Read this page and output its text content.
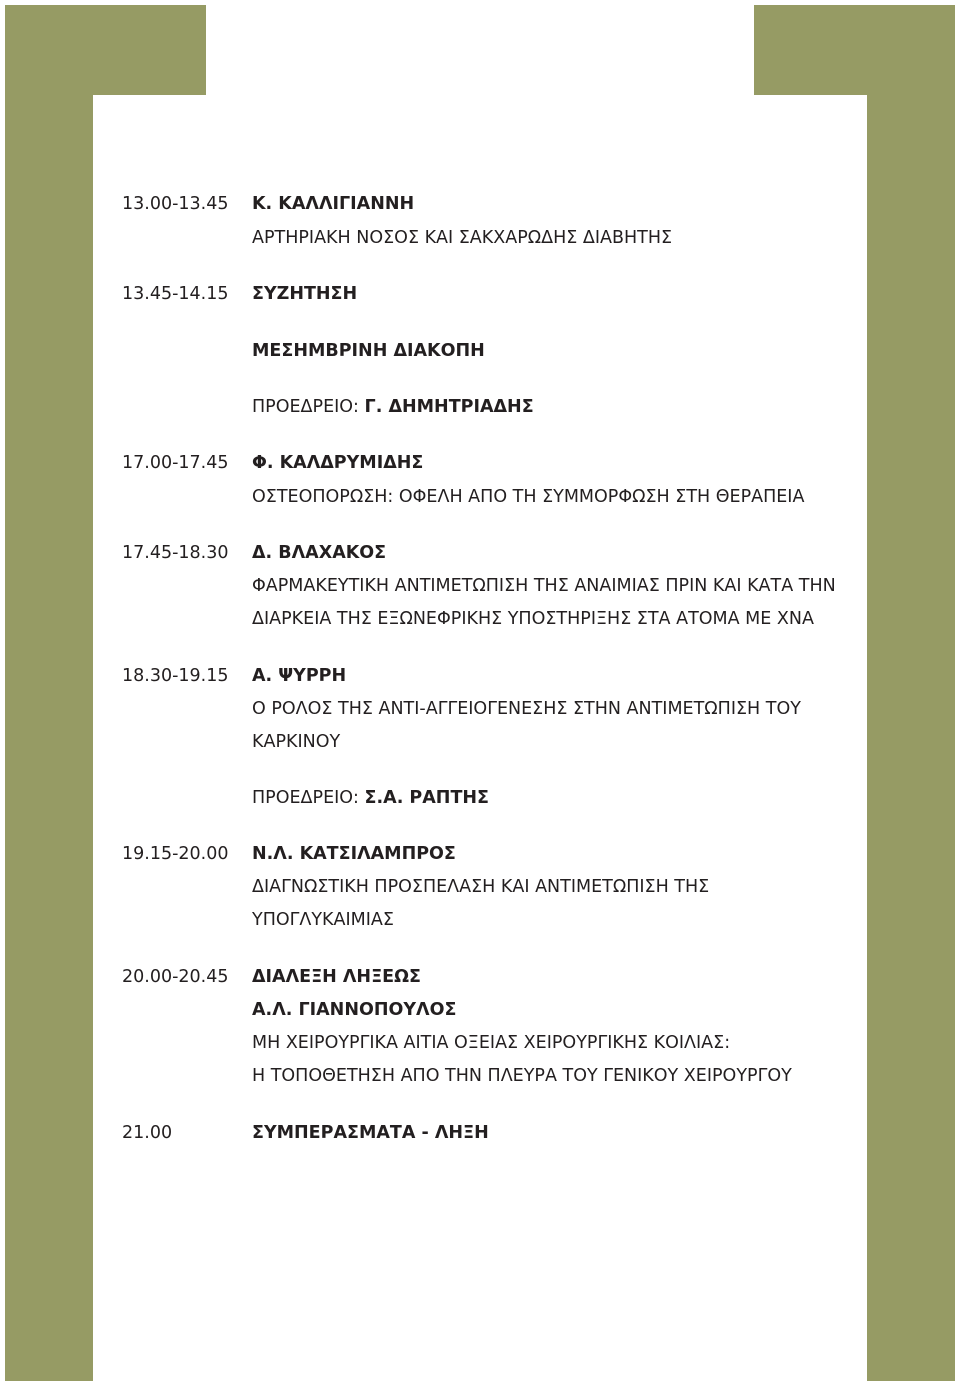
13.00-13.45 Κ. ΚΑΛΛΙΓΙΑΝΝΗ
ΑΡΤΗΡΙΑΚΗ ΝΟΣΟΣ ΚΑΙ ΣΑΚΧΑΡΩΔΗΣ ΔΙΑΒΗΤΗΣ
13.45-14.15 ΣΥΖΗΤΗΣΗ
ΜΕΣΗΜΒΡΙΝΗ ΔΙΑΚΟΠΗ
ΠΡΟΕΔΡΕΙΟ: Γ. ΔΗΜΗΤΡΙΑΔΗΣ
17.00-17.45 Φ. ΚΑΛΔΡΥΜΙΔΗΣ
ΟΣΤΕΟΠΟΡΩΣΗ: ΟΦΕΛΗ ΑΠΟ ΤΗ ΣΥΜΜΟΡΦΩΣΗ ΣΤΗ ΘΕΡΑΠΕΙΑ
17.45-18.30 Δ. ΒΛΑΧΑΚΟΣ
ΦΑΡΜΑΚΕΥΤΙΚΗ ΑΝΤΙΜΕΤΩΠΙΣΗ ΤΗΣ ΑΝΑΙΜΙΑΣ ΠΡΙΝ ΚΑΙ ΚΑΤΑ ΤΗΝ
ΔΙΑΡΚΕΙΑ ΤΗΣ ΕΞΩΝΕΦΡΙΚΗΣ ΥΠΟΣΤΗΡΙΞΗΣ ΣΤΑ ΑΤΟΜΑ ΜΕ ΧΝΑ
18.30-19.15 Α. ΨΥΡΡΗ
Ο ΡΟΛΟΣ ΤΗΣ ΑΝΤΙ-ΑΓΓΕΙΟΓΕΝΕΣΗΣ ΣΤΗΝ ΑΝΤΙΜΕΤΩΠΙΣΗ ΤΟΥ
ΚΑΡΚΙΝΟΥ
ΠΡΟΕΔΡΕΙΟ: Σ.Α. ΡΑΠΤΗΣ
19.15-20.00 Ν.Λ. ΚΑΤΣΙΛΑΜΠΡΟΣ
ΔΙΑΓΝΩΣΤΙΚΗ ΠΡΟΣΠΕΛΑΣΗ ΚΑΙ ΑΝΤΙΜΕΤΩΠΙΣΗ ΤΗΣ
ΥΠΟΓΛΥΚΑΙΜΙΑΣ
20.00-20.45 ΔΙΑΛΕΞΗ ΛΗΞΕΩΣ
Α.Λ. ΓΙΑΝΝΟΠΟΥΛΟΣ
ΜΗ ΧΕΙΡΟΥΡΓΙΚΑ ΑΙΤΙΑ ΟΞΕΙΑΣ ΧΕΙΡΟΥΡΓΙΚΗΣ ΚΟΙΛΙΑΣ:
Η ΤΟΠΟΘΕΤΗΣΗ ΑΠΟ ΤΗΝ ΠΛΕΥΡΑ ΤΟΥ ΓΕΝΙΚΟΥ ΧΕΙΡΟΥΡΓΟΥ
21.00	ΣΥΜΠΕΡΑΣΜΑΤΑ - ΛΗΞΗ
